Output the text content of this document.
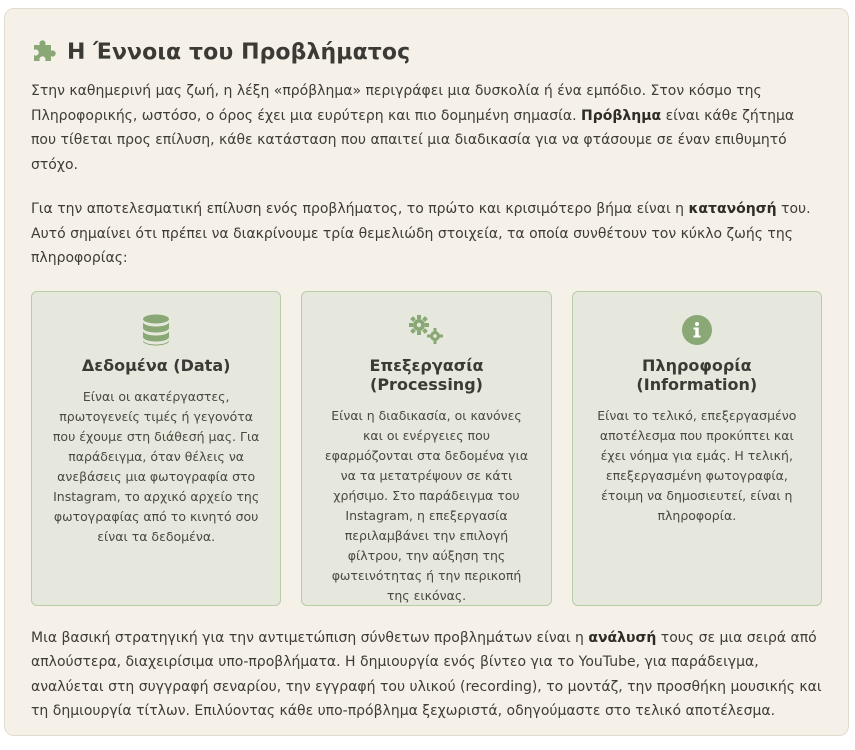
Η Έννοια του Προβλήματος

Στην καθημερινή μας ζωή, η λέξη «πρόβλημα» περιγράφει μια δυσκολία ή ένα εμπόδιο. Στον κόσμο της Πληροφορικής, ωστόσο, ο όρος έχει μια ευρύτερη και πιο δομημένη σημασία. Πρόβλημα είναι κάθε ζήτημα που τίθεται προς επίλυση, κάθε κατάσταση που απαιτεί μια διαδικασία για να φτάσουμε σε έναν επιθυμητό στόχο.

Για την αποτελεσματική επίλυση ενός προβλήματος, το πρώτο και κρισιμότερο βήμα είναι η κατανόησή του. Αυτό σημαίνει ότι πρέπει να διακρίνουμε τρία θεμελιώδη στοιχεία, τα οποία συνθέτουν τον κύκλο ζωής της πληροφορίας:

Δεδομένα (Data)

Είναι οι ακατέργαστες, πρωτογενείς τιμές ή γεγονότα που έχουμε στη διάθεσή μας. Για παράδειγμα, όταν θέλεις να ανεβάσεις μια φωτογραφία στο Instagram, το αρχικό αρχείο της φωτογραφίας από το κινητό σου είναι τα δεδομένα.

Επεξεργασία (Processing)

Είναι η διαδικασία, οι κανόνες και οι ενέργειες που εφαρμόζονται στα δεδομένα για να τα μετατρέψουν σε κάτι χρήσιμο. Στο παράδειγμα του Instagram, η επεξεργασία περιλαμβάνει την επιλογή φίλτρου, την αύξηση της φωτεινότητας ή την περικοπή της εικόνας.

Πληροφορία (Information)

Είναι το τελικό, επεξεργασμένο αποτέλεσμα που προκύπτει και έχει νόημα για εμάς. Η τελική, επεξεργασμένη φωτογραφία, έτοιμη να δημοσιευτεί, είναι η πληροφορία.

Μια βασική στρατηγική για την αντιμετώπιση σύνθετων προβλημάτων είναι η ανάλυσή τους σε μια σειρά από απλούστερα, διαχειρίσιμα υπο-προβλήματα. Η δημιουργία ενός βίντεο για το YouTube, για παράδειγμα, αναλύεται στη συγγραφή σεναρίου, την εγγραφή του υλικού (recording), το μοντάζ, την προσθήκη μουσικής και τη δημιουργία τίτλων. Επιλύοντας κάθε υπο-πρόβλημα ξεχωριστά, οδηγούμαστε στο τελικό αποτέλεσμα.
